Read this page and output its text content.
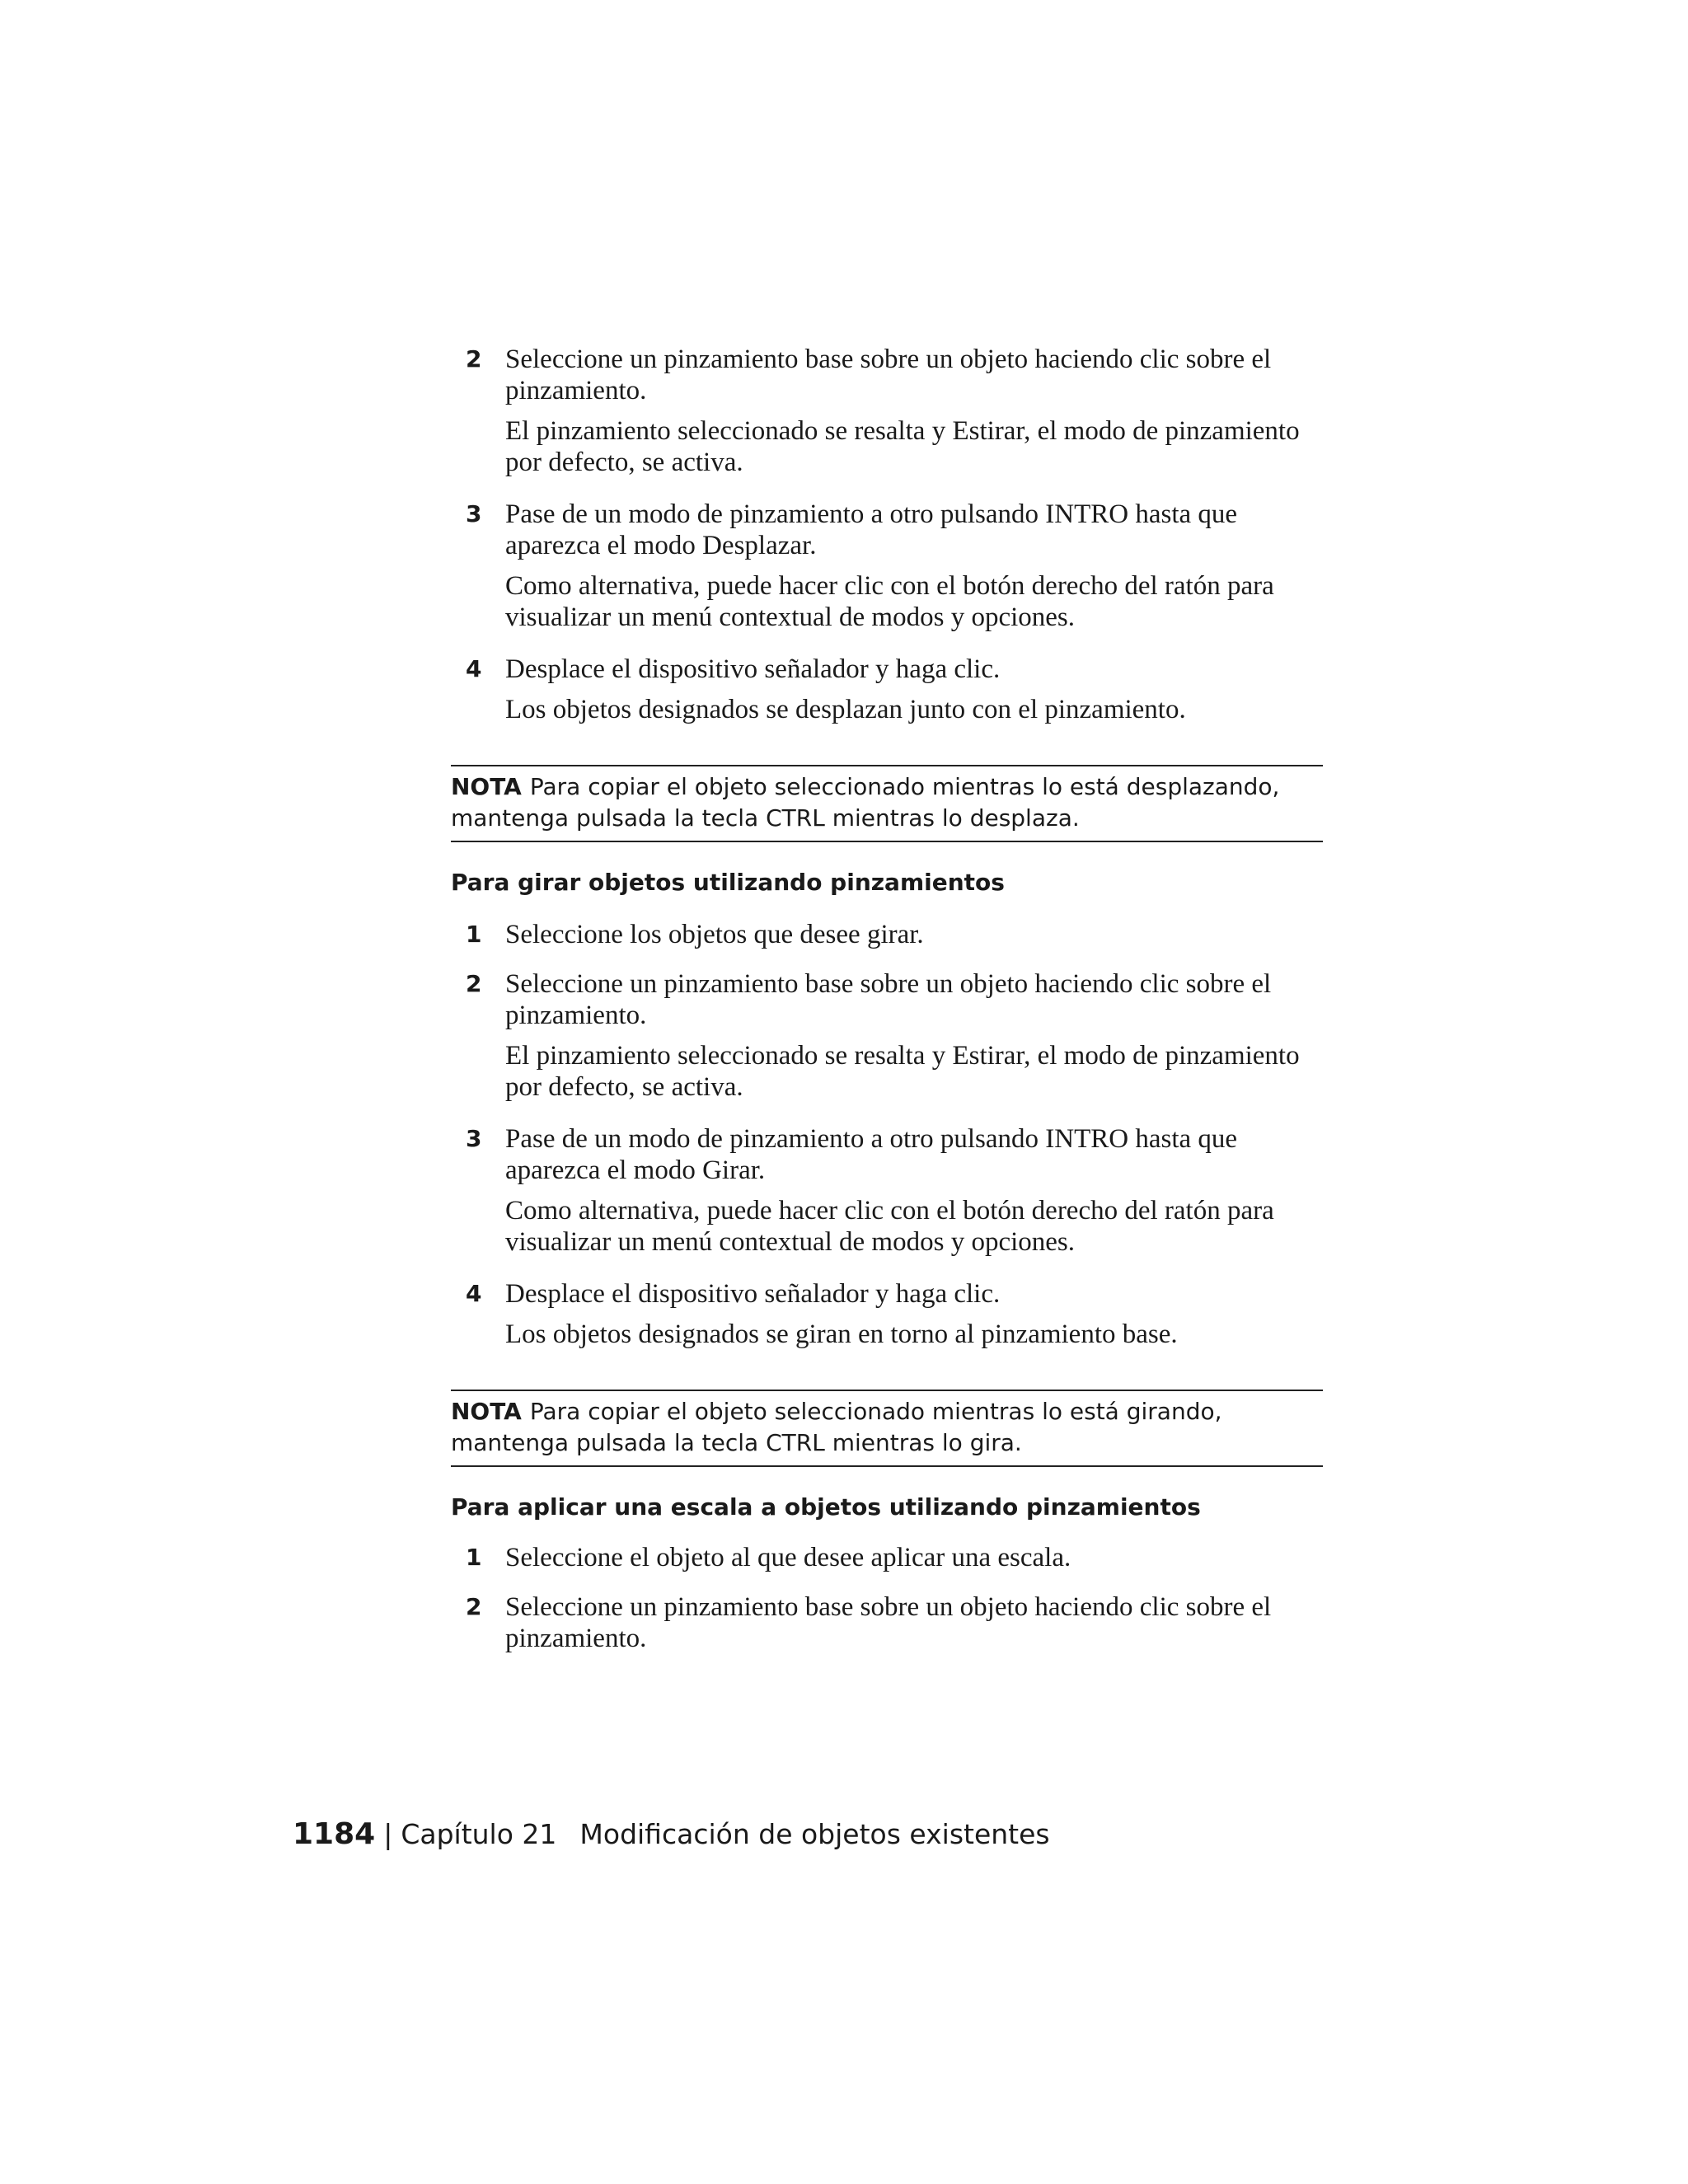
2 Seleccione un pinzamiento base sobre un objeto haciendo clic sobre el pinzamiento.

El pinzamiento seleccionado se resalta y Estirar, el modo de pinzamiento por defecto, se activa.

3 Pase de un modo de pinzamiento a otro pulsando INTRO hasta que aparezca el modo Desplazar.

Como alternativa, puede hacer clic con el botón derecho del ratón para visualizar un menú contextual de modos y opciones.

4 Desplace el dispositivo señalador y haga clic.

Los objetos designados se desplazan junto con el pinzamiento.

NOTA Para copiar el objeto seleccionado mientras lo está desplazando, mantenga pulsada la tecla CTRL mientras lo desplaza.
Para girar objetos utilizando pinzamientos
1 Seleccione los objetos que desee girar.

2 Seleccione un pinzamiento base sobre un objeto haciendo clic sobre el pinzamiento.

El pinzamiento seleccionado se resalta y Estirar, el modo de pinzamiento por defecto, se activa.

3 Pase de un modo de pinzamiento a otro pulsando INTRO hasta que aparezca el modo Girar.

Como alternativa, puede hacer clic con el botón derecho del ratón para visualizar un menú contextual de modos y opciones.

4 Desplace el dispositivo señalador y haga clic.

Los objetos designados se giran en torno al pinzamiento base.

NOTA Para copiar el objeto seleccionado mientras lo está girando, mantenga pulsada la tecla CTRL mientras lo gira.
Para aplicar una escala a objetos utilizando pinzamientos
1 Seleccione el objeto al que desee aplicar una escala.

2 Seleccione un pinzamiento base sobre un objeto haciendo clic sobre el pinzamiento.

1184 | Capítulo 21 Modificación de objetos existentes
